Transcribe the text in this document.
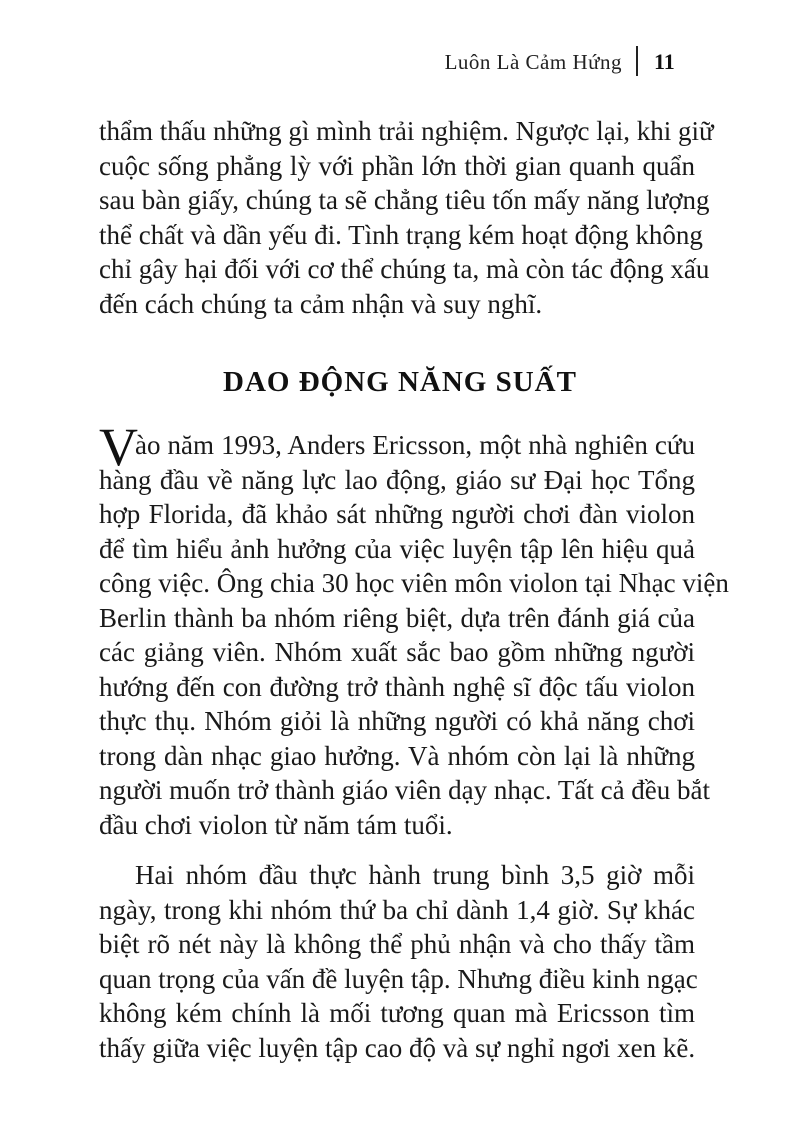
Luôn Là Cảm Hứng 11
thẩm thấu những gì mình trải nghiệm. Ngược lại, khi giữ
cuộc sống phẳng lỳ với phần lớn thời gian quanh quẩn
sau bàn giấy, chúng ta sẽ chẳng tiêu tốn mấy năng lượng
thể chất và dần yếu đi. Tình trạng kém hoạt động không
chỉ gây hại đối với cơ thể chúng ta, mà còn tác động xấu
đến cách chúng ta cảm nhận và suy nghĩ.
DAO ĐỘNG NĂNG SUẤT
V
ào năm 1993, Anders Ericsson, một nhà nghiên cứu
hàng đầu về năng lực lao động, giáo sư Đại học Tổng
hợp Florida, đã khảo sát những người chơi đàn violon
để tìm hiểu ảnh hưởng của việc luyện tập lên hiệu quả
công việc. Ông chia 30 học viên môn violon tại Nhạc viện
Berlin thành ba nhóm riêng biệt, dựa trên đánh giá của
các giảng viên. Nhóm xuất sắc bao gồm những người
hướng đến con đường trở thành nghệ sĩ độc tấu violon
thực thụ. Nhóm giỏi là những người có khả năng chơi
trong dàn nhạc giao hưởng. Và nhóm còn lại là những
người muốn trở thành giáo viên dạy nhạc. Tất cả đều bắt
đầu chơi violon từ năm tám tuổi.
Hai nhóm đầu thực hành trung bình 3,5 giờ mỗi
ngày, trong khi nhóm thứ ba chỉ dành 1,4 giờ. Sự khác
biệt rõ nét này là không thể phủ nhận và cho thấy tầm
quan trọng của vấn đề luyện tập. Nhưng điều kinh ngạc
không kém chính là mối tương quan mà Ericsson tìm
thấy giữa việc luyện tập cao độ và sự nghỉ ngơi xen kẽ.
